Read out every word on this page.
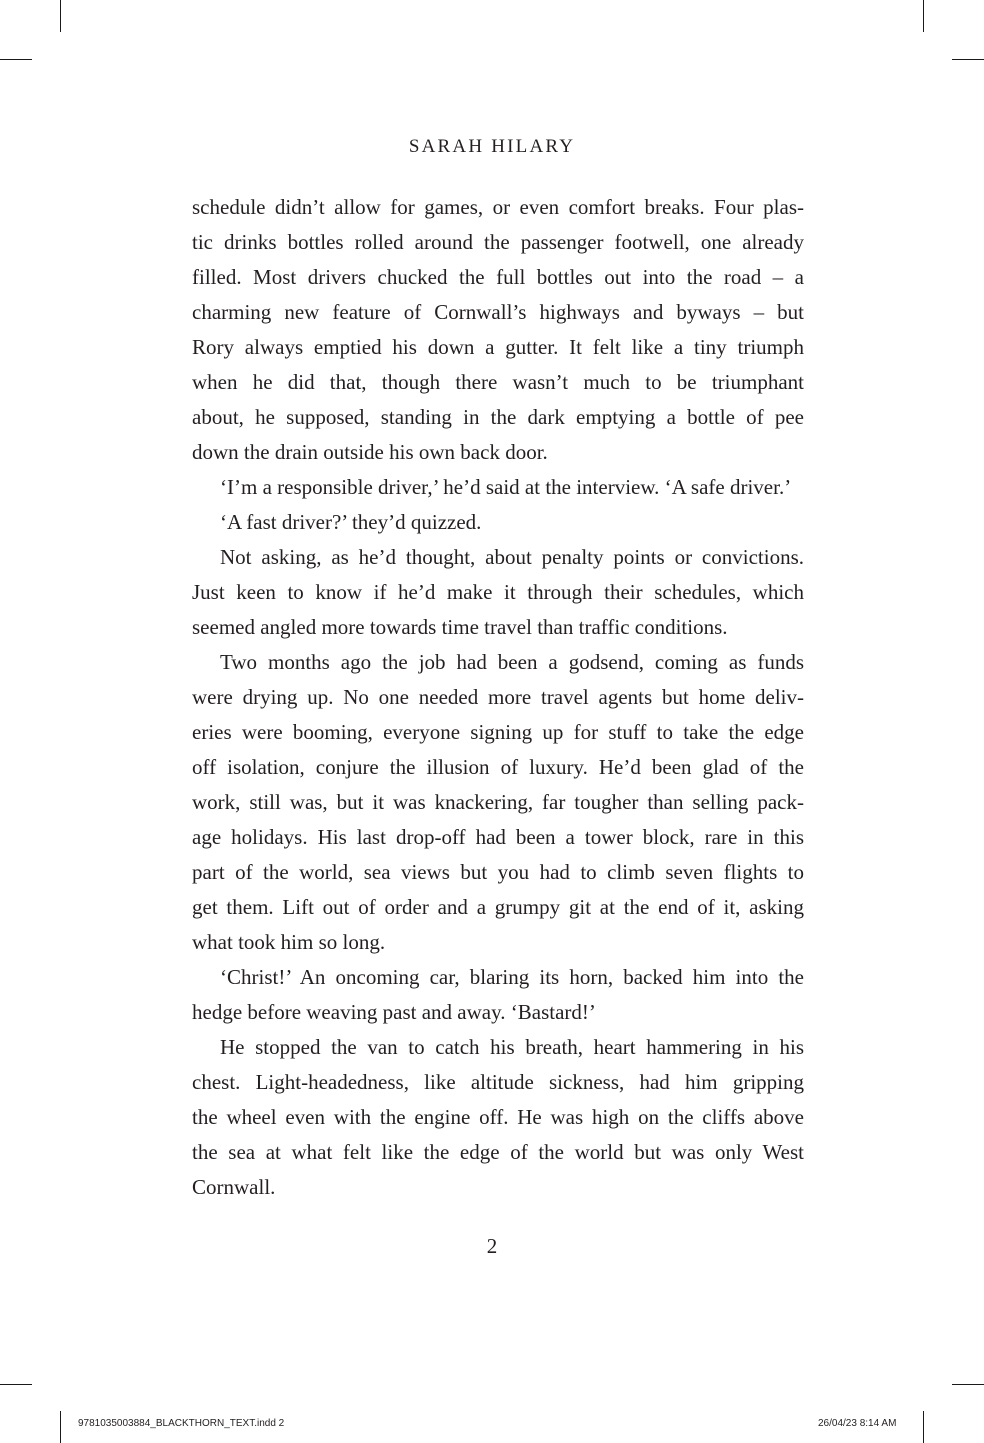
SARAH HILARY
schedule didn’t allow for games, or even comfort breaks. Four plas-
tic drinks bottles rolled around the passenger footwell, one already
filled. Most drivers chucked the full bottles out into the road – a
charming new feature of Cornwall’s highways and byways – but
Rory always emptied his down a gutter. It felt like a tiny triumph
when he did that, though there wasn’t much to be triumphant
about, he supposed, standing in the dark emptying a bottle of pee
down the drain outside his own back door.
‘I’m a responsible driver,’ he’d said at the interview. ‘A safe driver.’
‘A fast driver?’ they’d quizzed.
Not asking, as he’d thought, about penalty points or convictions.
Just keen to know if he’d make it through their schedules, which
seemed angled more towards time travel than traffic conditions.
Two months ago the job had been a godsend, coming as funds
were drying up. No one needed more travel agents but home deliv-
eries were booming, everyone signing up for stuff to take the edge
off isolation, conjure the illusion of luxury. He’d been glad of the
work, still was, but it was knackering, far tougher than selling pack-
age holidays. His last drop-off had been a tower block, rare in this
part of the world, sea views but you had to climb seven flights to
get them. Lift out of order and a grumpy git at the end of it, asking
what took him so long.
‘Christ!’ An oncoming car, blaring its horn, backed him into the
hedge before weaving past and away. ‘Bastard!’
He stopped the van to catch his breath, heart hammering in his
chest. Light-headedness, like altitude sickness, had him gripping
the wheel even with the engine off. He was high on the cliffs above
the sea at what felt like the edge of the world but was only West
Cornwall.
2
9781035003884_BLACKTHORN_TEXT.indd 2	26/04/23 8:14 AM
